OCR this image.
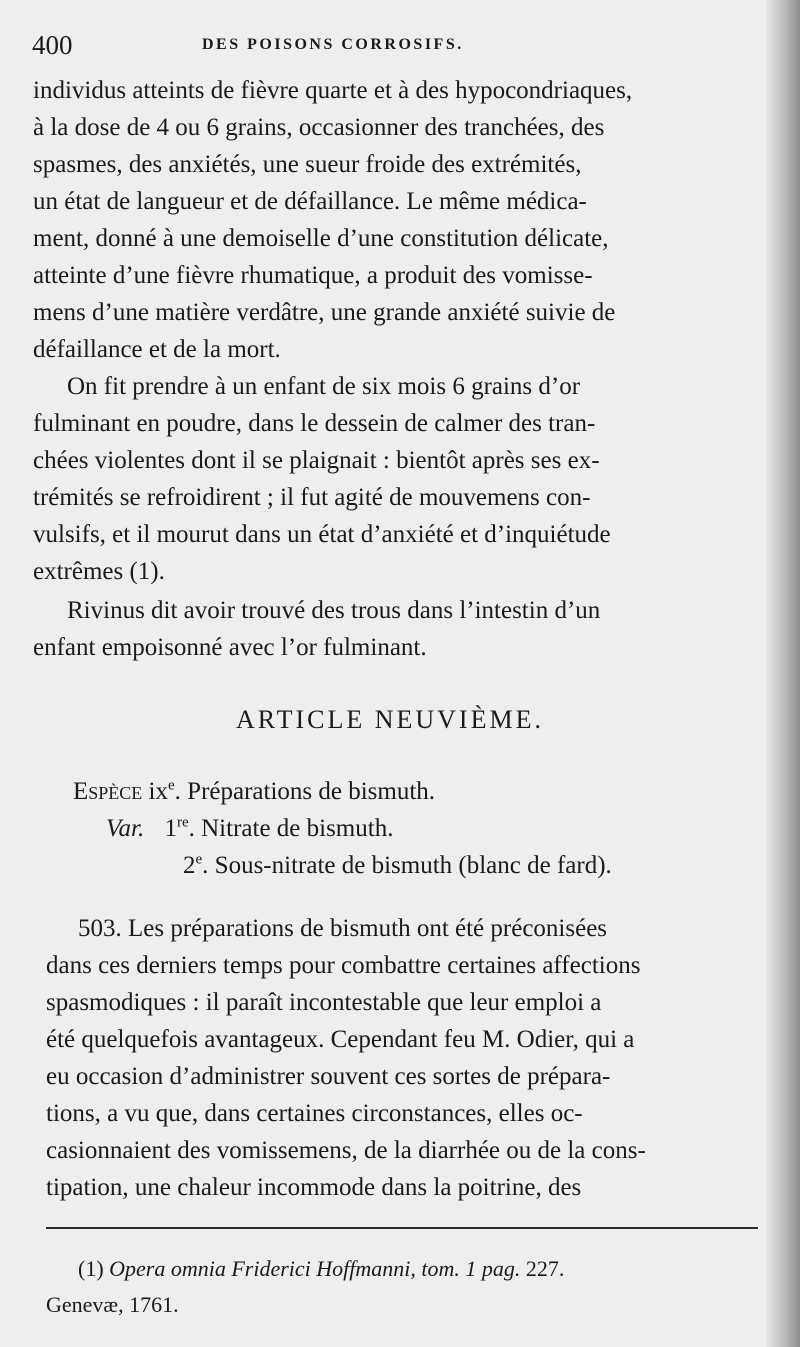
400	DES POISONS CORROSIFS.
individus atteints de fièvre quarte et à des hypocondriaques,
à la dose de 4 ou 6 grains, occasionner des tranchées, des
spasmes, des anxiétés, une sueur froide des extrémités,
un état de langueur et de défaillance. Le même médica-
ment, donné à une demoiselle d’une constitution délicate,
atteinte d’une fièvre rhumatique, a produit des vomisse-
mens d’une matière verdâtre, une grande anxiété suivie de
défaillance et de la mort.
On fit prendre à un enfant de six mois 6 grains d’or
fulminant en poudre, dans le dessein de calmer des tran-
chées violentes dont il se plaignait : bientôt après ses ex-
trémités se refroidirent ; il fut agité de mouvemens con-
vulsifs, et il mourut dans un état d’anxiété et d’inquiétude
extrêmes (1).
Rivinus dit avoir trouvé des trous dans l’intestin d’un
enfant empoisonné avec l’or fulminant.
ARTICLE NEUVIÈME.
Espèce $ix^e$. Préparations de bismuth.
Var. 1re. Nitrate de bismuth.
2e. Sous-nitrate de bismuth (blanc de fard).
503. Les préparations de bismuth ont été préconisées
dans ces derniers temps pour combattre certaines affections
spasmodiques : il paraît incontestable que leur emploi a
été quelquefois avantageux. Cependant feu M. Odier, qui a
eu occasion d’administrer souvent ces sortes de prépara-
tions, a vu que, dans certaines circonstances, elles oc-
casionnaient des vomissemens, de la diarrhée ou de la cons-
tipation, une chaleur incommode dans la poitrine, des
(1) Opera omnia Friderici Hoffmanni, tom. 1 pag. 227.
Genevæ, 1761.
